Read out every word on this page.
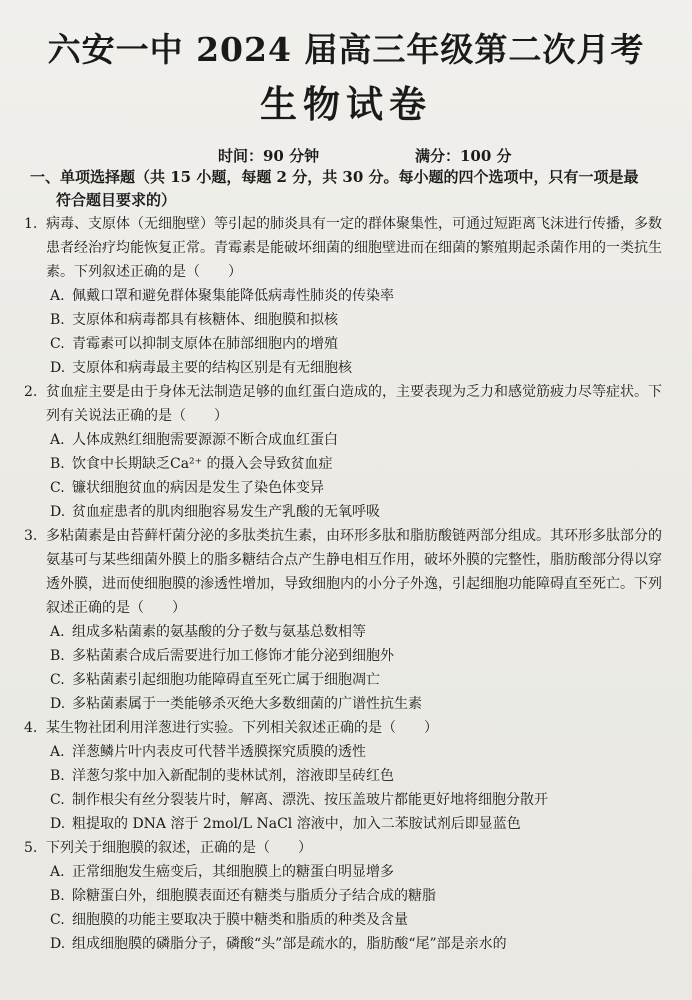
六安一中 2024 届高三年级第二次月考
生物试卷
时间：90 分钟	满分：100 分
一、单项选择题（共 15 小题，每题 2 分，共 30 分。每小题的四个选项中，只有一项是最
符合题目要求的）
1. 病毒、支原体（无细胞壁）等引起的肺炎具有一定的群体聚集性，可通过短距离飞沫进行传播，多数患者经治疗均能恢复正常。青霉素是能破坏细菌的细胞壁进而在细菌的繁殖期起杀菌作用的一类抗生素。下列叙述正确的是（　　）
A. 佩戴口罩和避免群体聚集能降低病毒性肺炎的传染率
B. 支原体和病毒都具有核糖体、细胞膜和拟核
C. 青霉素可以抑制支原体在肺部细胞内的增殖
D. 支原体和病毒最主要的结构区别是有无细胞核
2. 贫血症主要是由于身体无法制造足够的血红蛋白造成的，主要表现为乏力和感觉筋疲力尽等症状。下列有关说法正确的是（　　）
A. 人体成熟红细胞需要源源不断合成血红蛋白
B. 饮食中长期缺乏Ca²⁺ 的摄入会导致贫血症
C. 镰状细胞贫血的病因是发生了染色体变异
D. 贫血症患者的肌肉细胞容易发生产乳酸的无氧呼吸
3. 多粘菌素是由苔藓杆菌分泌的多肽类抗生素，由环形多肽和脂肪酸链两部分组成。其环形多肽部分的氨基可与某些细菌外膜上的脂多糖结合点产生静电相互作用，破坏外膜的完整性，脂肪酸部分得以穿透外膜，进而使细胞膜的渗透性增加，导致细胞内的小分子外逸，引起细胞功能障碍直至死亡。下列叙述正确的是（　　）
A. 组成多粘菌素的氨基酸的分子数与氨基总数相等
B. 多粘菌素合成后需要进行加工修饰才能分泌到细胞外
C. 多粘菌素引起细胞功能障碍直至死亡属于细胞凋亡
D. 多粘菌素属于一类能够杀灭绝大多数细菌的广谱性抗生素
4. 某生物社团利用洋葱进行实验。下列相关叙述正确的是（　　）
A. 洋葱鳞片叶内表皮可代替半透膜探究质膜的透性
B. 洋葱匀浆中加入新配制的斐林试剂，溶液即呈砖红色
C. 制作根尖有丝分裂装片时，解离、漂洗、按压盖玻片都能更好地将细胞分散开
D. 粗提取的 DNA 溶于 2mol/L NaCl 溶液中，加入二苯胺试剂后即显蓝色
5. 下列关于细胞膜的叙述，正确的是（　　）
A. 正常细胞发生癌变后，其细胞膜上的糖蛋白明显增多
B. 除糖蛋白外，细胞膜表面还有糖类与脂质分子结合成的糖脂
C. 细胞膜的功能主要取决于膜中糖类和脂质的种类及含量
D. 组成细胞膜的磷脂分子，磷酸“头”部是疏水的，脂肪酸“尾”部是亲水的
